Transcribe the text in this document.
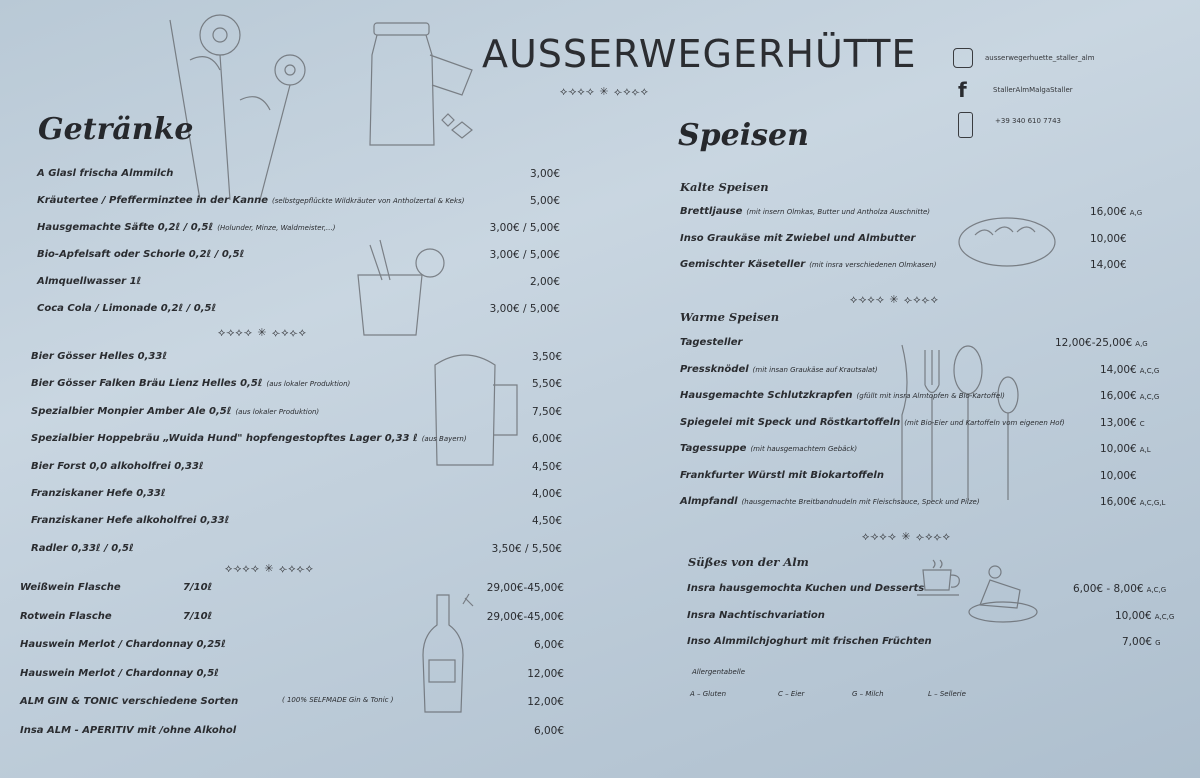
AUSSERWEGERHÜTTE
⟡⟢⟡⟢ ✳ ⟣⟡⟣⟡
ausserwegerhuette_staller_alm
f	StallerAlmMalgaStaller
+39 340 610 7743
Getränke
A Glasl frischa Almmilch	3,00€
Kräutertee / Pfefferminztee in der Kanne (selbstgepflückte Wildkräuter von Antholzertal & Keks)	5,00€
Hausgemachte Säfte 0,2ℓ / 0,5ℓ (Holunder, Minze, Waldmeister,...)	3,00€ / 5,00€
Bio-Apfelsaft oder Schorle 0,2ℓ / 0,5ℓ	3,00€ / 5,00€
Almquellwasser 1ℓ	2,00€
Coca Cola / Limonade 0,2ℓ / 0,5ℓ	3,00€ / 5,00€
⟡⟢⟡⟢ ✳ ⟣⟡⟣⟡
Bier Gösser Helles 0,33ℓ	3,50€
Bier Gösser Falken Bräu Lienz Helles 0,5ℓ (aus lokaler Produktion)	5,50€
Spezialbier Monpier Amber Ale 0,5ℓ (aus lokaler Produktion)	7,50€
Spezialbier Hoppebräu „Wuida Hund" hopfengestopftes Lager 0,33 ℓ (aus Bayern)	6,00€
Bier Forst 0,0 alkoholfrei 0,33ℓ	4,50€
Franziskaner Hefe 0,33ℓ	4,00€
Franziskaner Hefe alkoholfrei 0,33ℓ	4,50€
Radler 0,33ℓ / 0,5ℓ	3,50€ / 5,50€
⟡⟢⟡⟢ ✳ ⟣⟡⟣⟡
Weißwein Flasche	7/10ℓ	29,00€-45,00€
Rotwein Flasche	7/10ℓ	29,00€-45,00€
Hauswein Merlot / Chardonnay 0,25ℓ	6,00€
Hauswein Merlot / Chardonnay 0,5ℓ	12,00€
ALM GIN & TONIC verschiedene Sorten	( 100% SELFMADE Gin & Tonic )	12,00€
Insa ALM - APERITIV mit /ohne Alkohol	6,00€
Speisen
Kalte Speisen
Brettljause (mit insern Olmkas, Butter und Antholza Auschnitte)	16,00€ A,G
Inso Graukäse mit Zwiebel und Almbutter	10,00€
Gemischter Käseteller (mit insra verschiedenen Olmkasen)	14,00€
⟡⟢⟡⟢ ✳ ⟣⟡⟣⟡
Warme Speisen
Tagesteller	12,00€-25,00€ A,G
Pressknödel (mit insan Graukäse auf Krautsalat)	14,00€ A,C,G
Hausgemachte Schlutzkrapfen (gfüllt mit insra Almtopfen & Bio-Kartoffel)	16,00€ A,C,G
Spiegelei mit Speck und Röstkartoffeln (mit Bio-Eier und Kartoffeln vom eigenen Hof)	13,00€ C
Tagessuppe (mit hausgemachtem Gebäck)	10,00€ A,L
Frankfurter Würstl mit Biokartoffeln	10,00€
Almpfandl (hausgemachte Breitbandnudeln mit Fleischsauce, Speck und Pilze)	16,00€ A,C,G,L
⟡⟢⟡⟢ ✳ ⟣⟡⟣⟡
Süßes von der Alm
Insra hausgemochta Kuchen und Desserts	6,00€ - 8,00€ A,C,G
Insra Nachtischvariation	10,00€ A,C,G
Inso Almmilchjoghurt mit frischen Früchten	7,00€ G
Allergentabelle
A – Gluten	C – Eier	G – Milch	L – Sellerie
